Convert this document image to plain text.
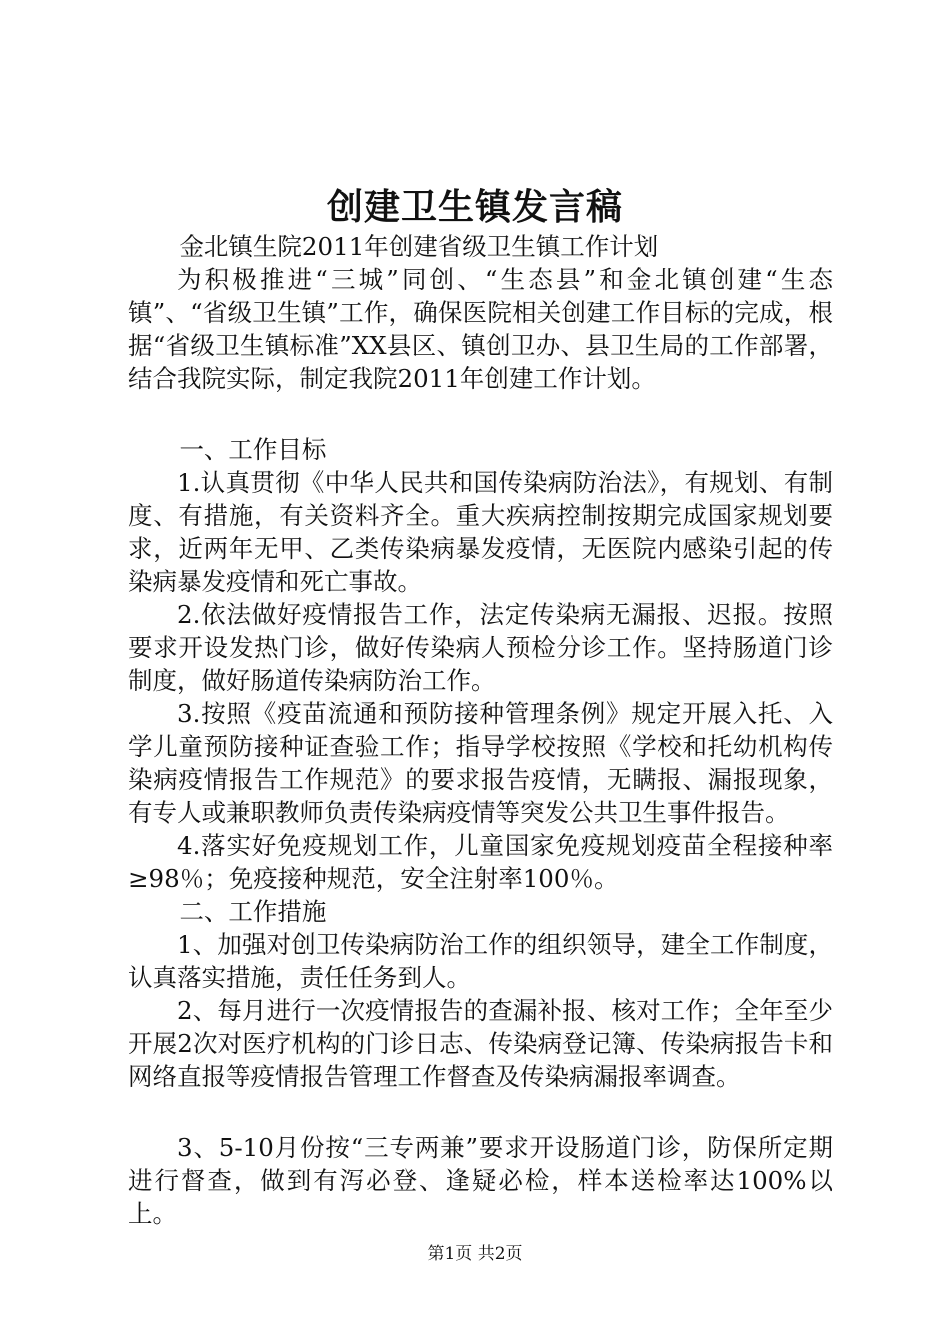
创建卫生镇发言稿

金北镇生院2011年创建省级卫生镇工作计划

为积极推进“三城”同创、“生态县”和金北镇创建“生态镇”、“省级卫生镇”工作，确保医院相关创建工作目标的完成，根据“省级卫生镇标准”XX县区、镇创卫办、县卫生局的工作部署，结合我院实际，制定我院2011年创建工作计划。

一、工作目标

1.认真贯彻《中华人民共和国传染病防治法》，有规划、有制度、有措施，有关资料齐全。重大疾病控制按期完成国家规划要求，近两年无甲、乙类传染病暴发疫情，无医院内感染引起的传染病暴发疫情和死亡事故。

2.依法做好疫情报告工作，法定传染病无漏报、迟报。按照要求开设发热门诊，做好传染病人预检分诊工作。坚持肠道门诊制度，做好肠道传染病防治工作。

3.按照《疫苗流通和预防接种管理条例》规定开展入托、入学儿童预防接种证查验工作；指导学校按照《学校和托幼机构传染病疫情报告工作规范》的要求报告疫情，无瞒报、漏报现象，有专人或兼职教师负责传染病疫情等突发公共卫生事件报告。

4.落实好免疫规划工作，儿童国家免疫规划疫苗全程接种率≥98％；免疫接种规范，安全注射率100％。

二、工作措施

1、加强对创卫传染病防治工作的组织领导，建全工作制度，认真落实措施，责任任务到人。

2、每月进行一次疫情报告的查漏补报、核对工作；全年至少开展2次对医疗机构的门诊日志、传染病登记簿、传染病报告卡和网络直报等疫情报告管理工作督查及传染病漏报率调查。

3、5-10月份按“三专两兼”要求开设肠道门诊，防保所定期进行督查，做到有泻必登、逢疑必检，样本送检率达100%以上。

第1页 共2页
